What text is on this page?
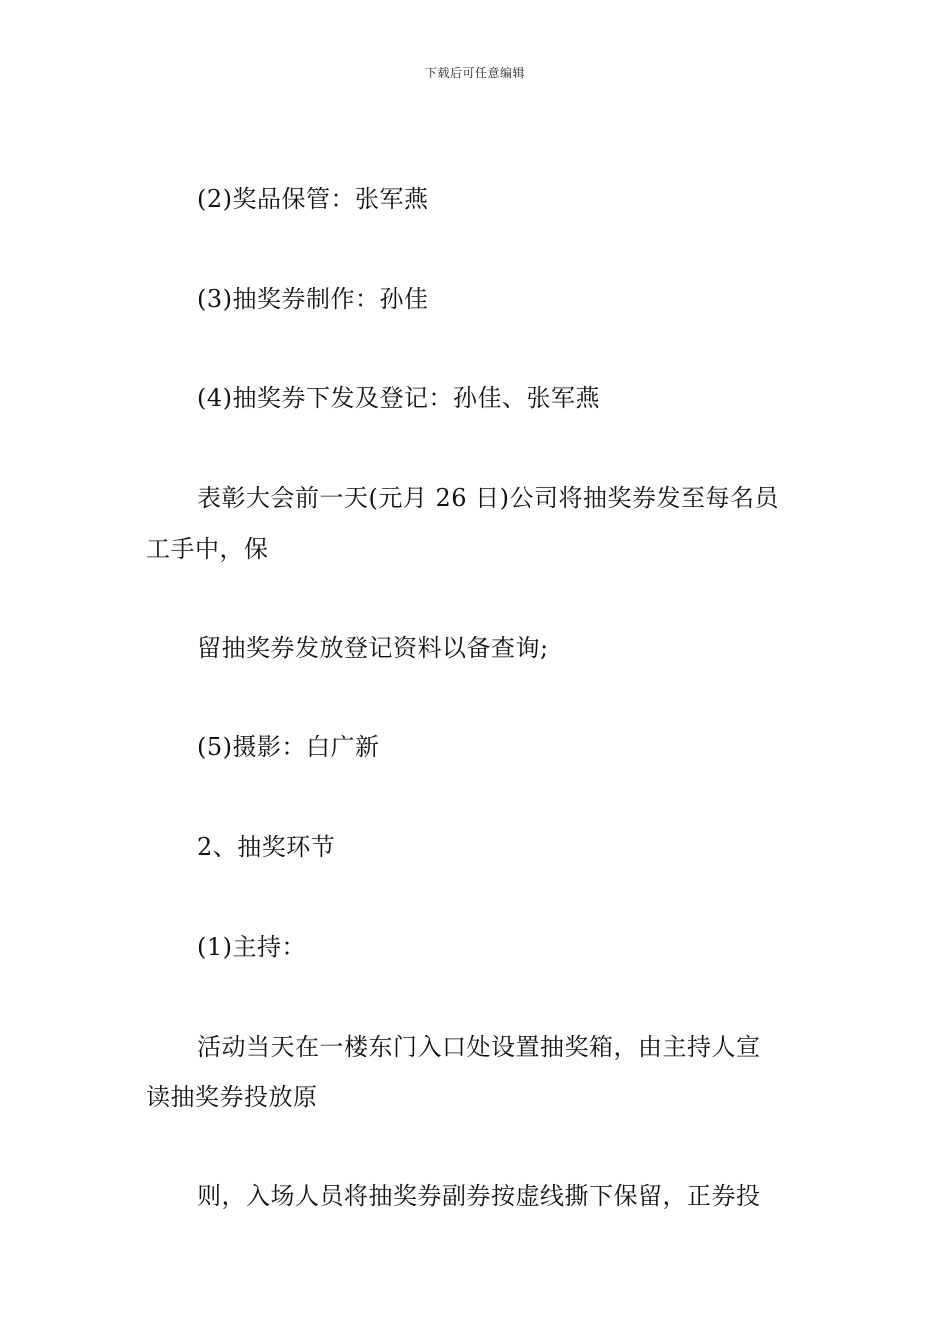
下载后可任意编辑
(2)奖品保管：张军燕
(3)抽奖券制作：孙佳
(4)抽奖券下发及登记：孙佳、张军燕
表彰大会前一天(元月 26 日)公司将抽奖券发至每名员
工手中，保
留抽奖券发放登记资料以备查询;
(5)摄影：白广新
2、抽奖环节
(1)主持：
活动当天在一楼东门入口处设置抽奖箱，由主持人宣
读抽奖券投放原
则，入场人员将抽奖券副券按虚线撕下保留，正券投
